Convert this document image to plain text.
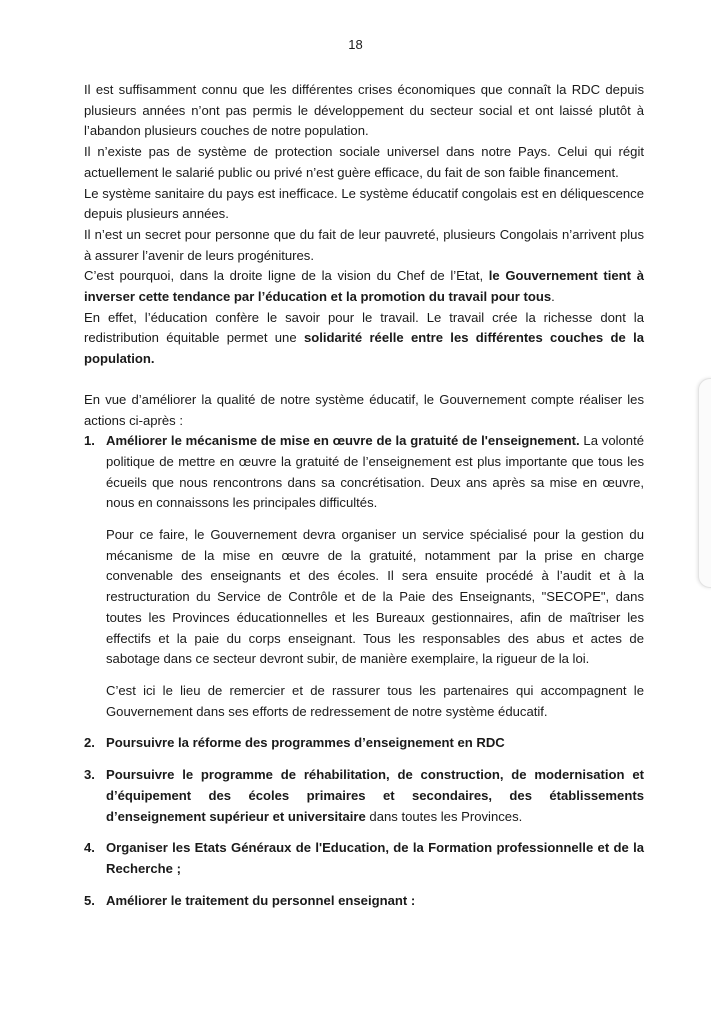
18

Il est suffisamment connu que les différentes crises économiques que connaît la RDC depuis plusieurs années n’ont pas permis le développement du secteur social et ont laissé plutôt à l’abandon plusieurs couches de notre population.

Il n’existe pas de système de protection sociale universel dans notre Pays. Celui qui régit actuellement le salarié public ou privé n’est guère efficace, du fait de son faible financement.

Le système sanitaire du pays est inefficace. Le système éducatif congolais est en déliquescence depuis plusieurs années.

Il n’est un secret pour personne que du fait de leur pauvreté, plusieurs Congolais n’arrivent plus à assurer l’avenir de leurs progénitures.

C’est pourquoi, dans la droite ligne de la vision du Chef de l’Etat, le Gouvernement tient à inverser cette tendance par l’éducation et la promotion du travail pour tous.

En effet, l’éducation confère le savoir pour le travail. Le travail crée la richesse dont la redistribution équitable permet une solidarité réelle entre les différentes couches de la population.

En vue d’améliorer la qualité de notre système éducatif, le Gouvernement compte réaliser les actions ci-après :

1. Améliorer le mécanisme de mise en œuvre de la gratuité de l'enseignement. La volonté politique de mettre en œuvre la gratuité de l’enseignement est plus importante que tous les écueils que nous rencontrons dans sa concrétisation. Deux ans après sa mise en œuvre, nous en connaissons les principales difficultés.

Pour ce faire, le Gouvernement devra organiser un service spécialisé pour la gestion du mécanisme de la mise en œuvre de la gratuité, notamment par la prise en charge convenable des enseignants et des écoles. Il sera ensuite procédé à l’audit et à la restructuration du Service de Contrôle et de la Paie des Enseignants, "SECOPE", dans toutes les Provinces éducationnelles et les Bureaux gestionnaires, afin de maîtriser les effectifs et la paie du corps enseignant. Tous les responsables des abus et actes de sabotage dans ce secteur devront subir, de manière exemplaire, la rigueur de la loi.

C’est ici le lieu de remercier et de rassurer tous les partenaires qui accompagnent le Gouvernement dans ses efforts de redressement de notre système éducatif.

2. Poursuivre la réforme des programmes d’enseignement en RDC

3. Poursuivre le programme de réhabilitation, de construction, de modernisation et d’équipement des écoles primaires et secondaires, des établissements d’enseignement supérieur et universitaire dans toutes les Provinces.

4. Organiser les Etats Généraux de l'Education, de la Formation professionnelle et de la Recherche ;

5. Améliorer le traitement du personnel enseignant :
